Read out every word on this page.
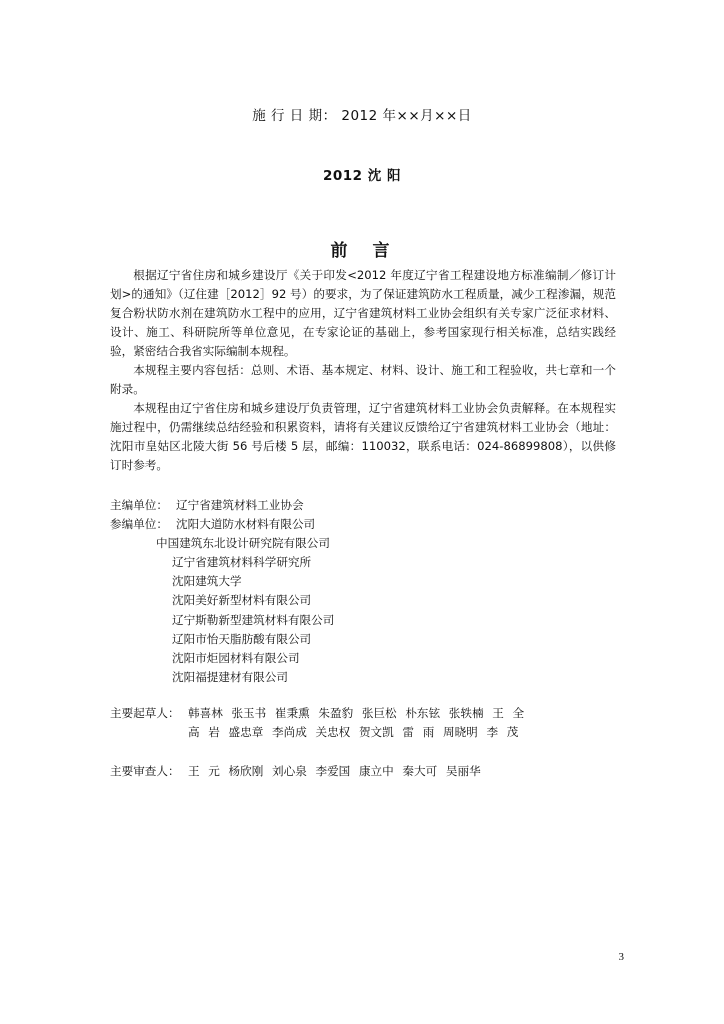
施 行 日 期： 2012 年××月××日
2012 沈 阳
前　言

根据辽宁省住房和城乡建设厅《关于印发<2012 年度辽宁省工程建设地方标准编制／修订计划>的通知》（辽住建［2012］92 号）的要求，为了保证建筑防水工程质量，减少工程渗漏，规范复合粉状防水剂在建筑防水工程中的应用，辽宁省建筑材料工业协会组织有关专家广泛征求材料、设计、施工、科研院所等单位意见，在专家论证的基础上，参考国家现行相关标准，总结实践经验，紧密结合我省实际编制本规程。

本规程主要内容包括：总则、术语、基本规定、材料、设计、施工和工程验收，共七章和一个附录。

本规程由辽宁省住房和城乡建设厅负责管理，辽宁省建筑材料工业协会负责解释。在本规程实施过程中，仍需继续总结经验和积累资料，请将有关建议反馈给辽宁省建筑材料工业协会（地址：沈阳市皇姑区北陵大街 56 号后楼 5 层，邮编：110032，联系电话：024-86899808），以供修订时参考。

主编单位： 辽宁省建筑材料工业协会
参编单位： 沈阳大道防水材料有限公司
中国建筑东北设计研究院有限公司
辽宁省建筑材料科学研究所
沈阳建筑大学
沈阳美好新型材料有限公司
辽宁斯勒新型建筑材料有限公司
辽阳市怡天脂肪酸有限公司
沈阳市炬园材料有限公司
沈阳福提建材有限公司
主要起草人： 韩喜林 张玉书 崔秉熏 朱盈豹 张巨松 朴东铉 张轶楠 王 全
高 岩 盛忠章 李尚成 关忠权 贺文凯 雷 雨 周晓明 李 茂
主要审查人： 王 元 杨欣刚 刘心泉 李爱国 康立中 秦大可 吴丽华
3
